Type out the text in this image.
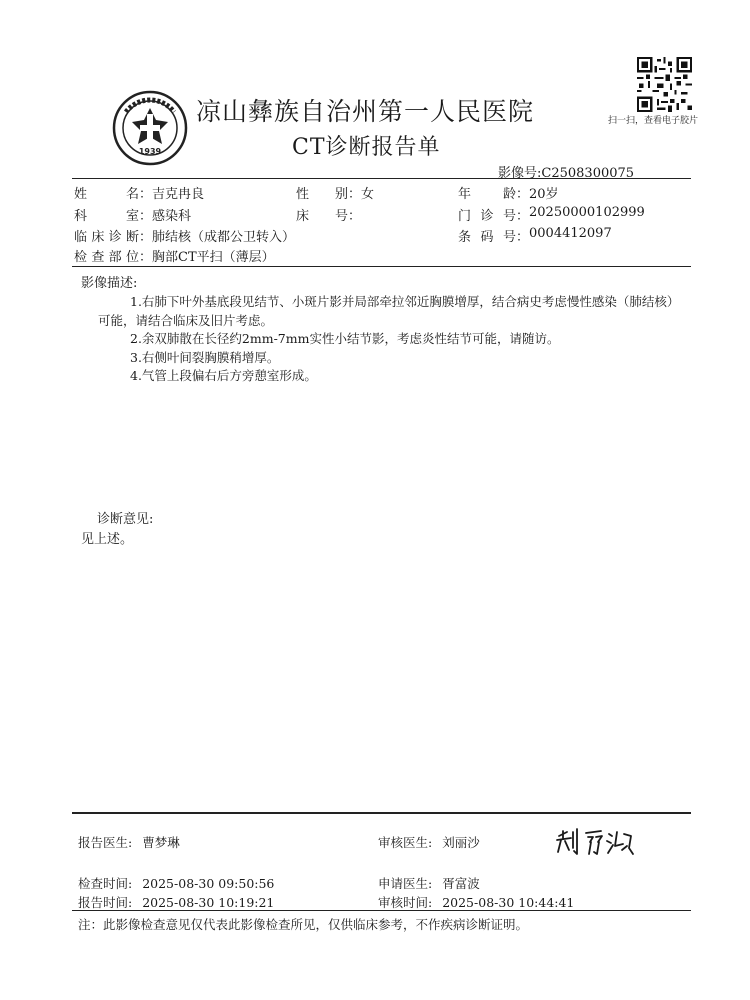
1939
凉山彝族自治州第一人民医院
CT诊断报告单
扫一扫，查看电子胶片
影像号:C2508300075
姓 名 ： 吉克冉良	性 别 ： 女	年 龄 ： 20岁
科 室 ： 感染科	床 号 ：	门诊号 ： 20250000102999
临床诊断 ： 肺结核（成都公卫转入）	条码号 ： 0004412097
检查部位 ： 胸部CT平扫（薄层）
影像描述:

1.右肺下叶外基底段见结节、小斑片影并局部牵拉邻近胸膜增厚，结合病史考虑慢性感染（肺结核）可能，请结合临床及旧片考虑。

2.余双肺散在长径约2mm-7mm实性小结节影，考虑炎性结节可能，请随访。

3.右侧叶间裂胸膜稍增厚。

4.气管上段偏右后方旁憩室形成。

诊断意见:
见上述。
报告医生: 曹梦琳	审核医生: 刘丽沙
检查时间: 2025-08-30 09:50:56	申请医生: 胥富波
报告时间: 2025-08-30 10:19:21	审核时间: 2025-08-30 10:44:41
注：此影像检查意见仅代表此影像检查所见，仅供临床参考，不作疾病诊断证明。
